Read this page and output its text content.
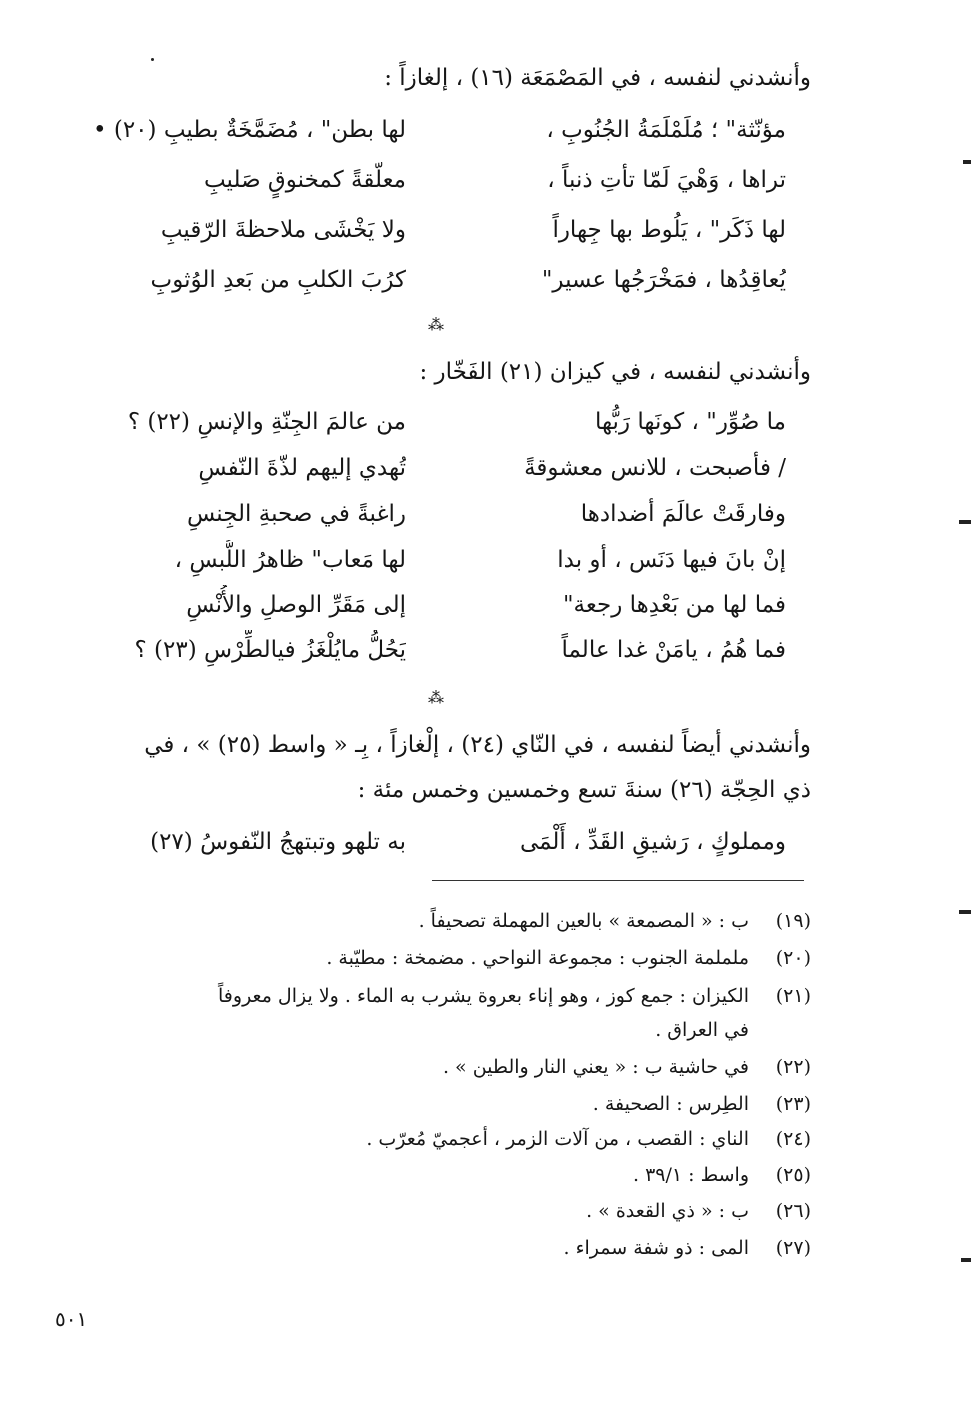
وأنشدني لنفسه ، في المَصْمَعَة (١٦) ، إلغازاً :
مؤنّثة" ؛ مُلَمْلَمَةُ الجُنُوبِ ،
لها بطن" ، مُضَمَّخَةٌ بطيبِ (٢٠) •
تراها ، وَهْيَ لَمّا تأتِ ذنباً ،
معلّقةً كمخنوقٍ صَليبِ
لها ذَكَر" ، يَلُوط بها جِهاراً
ولا يَخْشَى ملاحظةَ الرّقيبِ
يُعاقِدُها ، فمَخْرَجُها عسير"
كرُبَ الكلبِ من بَعدِ الوُثوبِ
⁂
وأنشدني لنفسه ، في كيزان (٢١) الفَخّار :
ما صُوِّر" ، كونَها رَبُّها
من عالمَ الجِنّةِ والإنسِ (٢٢) ؟
/ فأصبحت ، للانس معشوقةً
تُهدي إليهم لذّةَ النّفسِ
وفارقَتْ عالَمَ أضدادها
راغبةً في صحبةِ الجِنسِ
إنْ بانَ فيها دَنَس ، أو بدا
لها مَعاب" ظاهرُ اللُّبسِ ،
فما لها من بَعْدِها رجعة"
إلى مَقَرِّ الوصلِ والأُنْسِ
فما هُمُ ، يامَنْ غدا عالماً
يَحُلُّ مايُلْغَزُ فيالطِّرْسِ (٢٣) ؟
⁂
وأنشدني أيضاً لنفسه ، في النّاي (٢٤) ، إلْغازاً ، بِـ « واسط (٢٥) » ، في
ذي الحِجّة (٢٦) سنةَ تسع وخمسين وخمس مئة :
ومملوكٍ ، رَشيقِ القَدِّ ، أَلْمَى
به تلهو وتبتهجُ النّفوسُ (٢٧)
(١٩)
ب : « المصمعة » بالعين المهملة تصحيفاً .
(٢٠)
ململمة الجنوب : مجموعة النواحي . مضمخة : مطيّبة .
(٢١)
الكيزان : جمع كوز ، وهو إناء بعروة يشرب به الماء . ولا يزال معروفاً
في العراق .
(٢٢)
في حاشية ب : « يعني النار والطين » .
(٢٣)
الطِرس : الصحيفة .
(٢٤)
الناي : القصب ، من آلات الزمر ، أعجميّ مُعرّب .
(٢٥)
واسط : ٣٩/١ .
(٢٦)
ب : « ذي القعدة » .
(٢٧)
المى : ذو شفة سمراء .
٥٠١
